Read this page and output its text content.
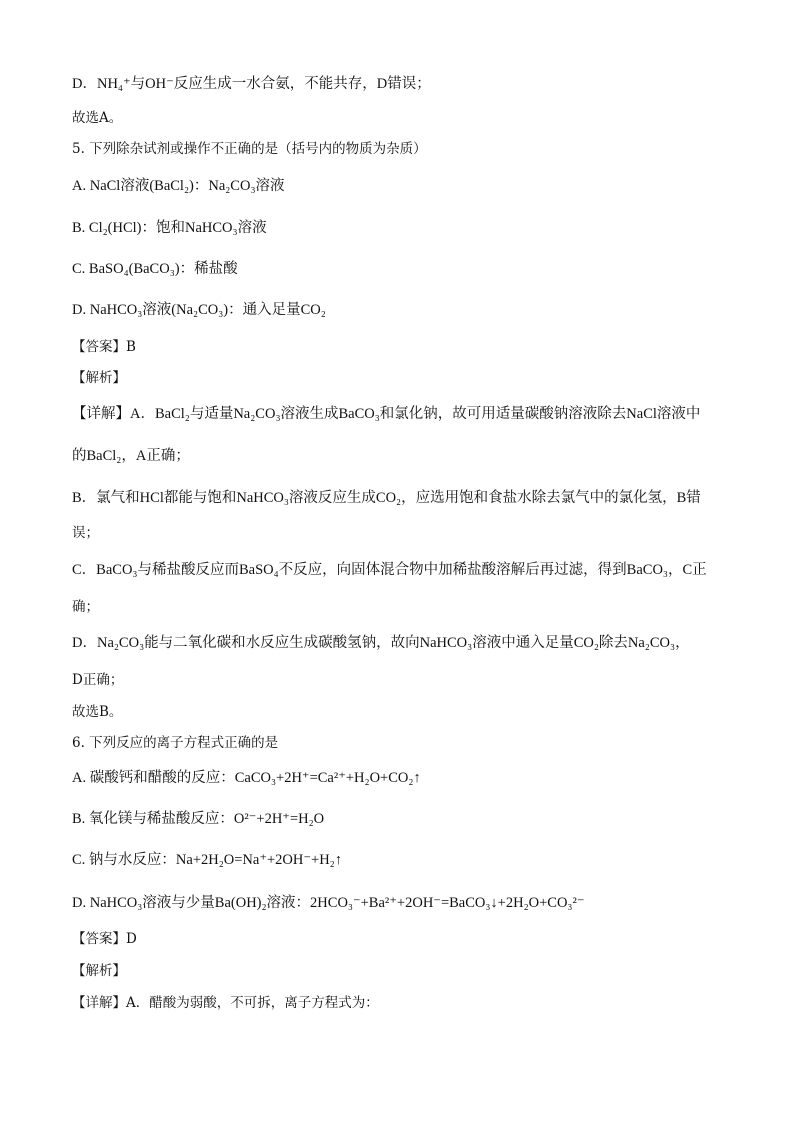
D．NH₄⁺与OH⁻反应生成一水合氨，不能共存，D错误；
故选A。
5. 下列除杂试剂或操作不正确的是（括号内的物质为杂质）
A. NaCl溶液(BaCl₂)：Na₂CO₃溶液
B. Cl₂(HCl)：饱和NaHCO₃溶液
C. BaSO₄(BaCO₃)：稀盐酸
D. NaHCO₃溶液(Na₂CO₃)：通入足量CO₂
【答案】B
【解析】
【详解】A．BaCl₂与适量Na₂CO₃溶液生成BaCO₃和氯化钠，故可用适量碳酸钠溶液除去NaCl溶液中
的BaCl₂，A正确；
B．氯气和HCl都能与饱和NaHCO₃溶液反应生成CO₂，应选用饱和食盐水除去氯气中的氯化氢，B错
误；
C．BaCO₃与稀盐酸反应而BaSO₄不反应，向固体混合物中加稀盐酸溶解后再过滤，得到BaCO₃，C正
确；
D．Na₂CO₃能与二氧化碳和水反应生成碳酸氢钠，故向NaHCO₃溶液中通入足量CO₂除去Na₂CO₃，
D正确；
故选B。
6. 下列反应的离子方程式正确的是
A. 碳酸钙和醋酸的反应：CaCO₃+2H⁺=Ca²⁺+H₂O+CO₂↑
B. 氧化镁与稀盐酸反应：O²⁻+2H⁺=H₂O
C. 钠与水反应：Na+2H₂O=Na⁺+2OH⁻+H₂↑
D. NaHCO₃溶液与少量Ba(OH)₂溶液：2HCO₃⁻+Ba²⁺+2OH⁻=BaCO₃↓+2H₂O+CO₃²⁻
【答案】D
【解析】
【详解】A．醋酸为弱酸，不可拆，离子方程式为：
